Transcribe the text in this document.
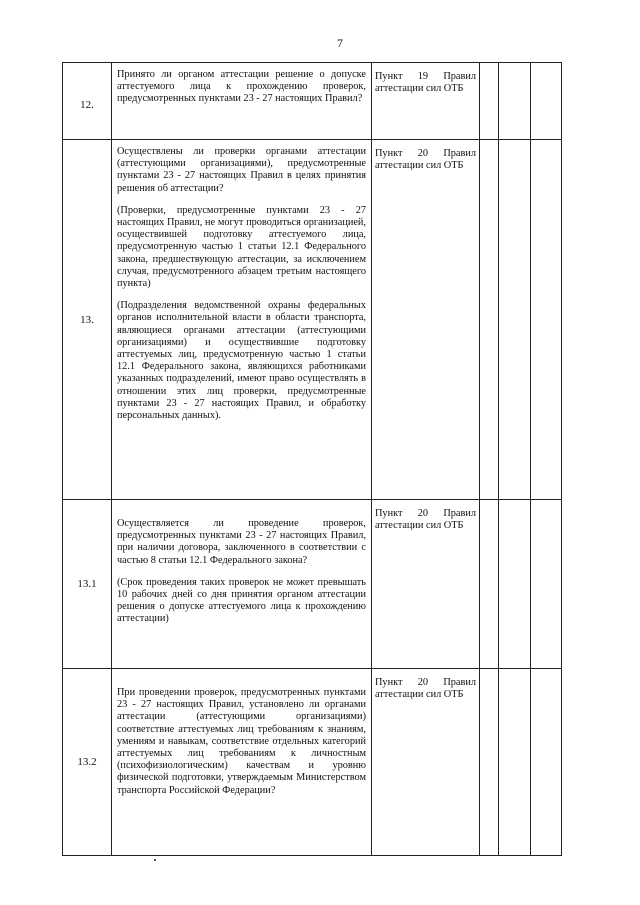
7
12.

Принято ли органом аттестации решение о допуске аттестуемого лица к прохождению проверок, предусмотренных пунктами 23 - 27 настоящих Правил?

Пункт 19 Правил аттестации сил ОТБ
13.

Осуществлены ли проверки органами аттестации (аттестующими организациями), предусмотренные пунктами 23 - 27 настоящих Правил в целях принятия решения об аттестации?

(Проверки, предусмотренные пунктами 23 - 27 настоящих Правил, не могут проводиться организацией, осуществившей подготовку аттестуемого лица, предусмотренную частью 1 статьи 12.1 Федерального закона, предшествующую аттестации, за исключением случая, предусмотренного абзацем третьим настоящего пункта)

(Подразделения ведомственной охраны федеральных органов исполнительной власти в области транспорта, являющиеся органами аттестации (аттестующими организациями) и осуществившие подготовку аттестуемых лиц, предусмотренную частью 1 статьи 12.1 Федерального закона, являющихся работниками указанных подразделений, имеют право осуществлять в отношении этих лиц проверки, предусмотренные пунктами 23 - 27 настоящих Правил, и обработку персональных данных).

Пункт 20 Правил аттестации сил ОТБ
13.1

Осуществляется ли проведение проверок, предусмотренных пунктами 23 - 27 настоящих Правил, при наличии договора, заключенного в соответствии с частью 8 статьи 12.1 Федерального закона?

(Срок проведения таких проверок не может превышать 10 рабочих дней со дня принятия органом аттестации решения о допуске аттестуемого лица к прохождению аттестации)

Пункт 20 Правил аттестации сил ОТБ
13.2

При проведении проверок, предусмотренных пунктами 23 - 27 настоящих Правил, установлено ли органами аттестации (аттестующими организациями) соответствие аттестуемых лиц требованиям к знаниям, умениям и навыкам, соответствие отдельных категорий аттестуемых лиц требованиям к личностным (психофизиологическим) качествам и уровню физической подготовки, утверждаемым Министерством транспорта Российской Федерации?

Пункт 20 Правил аттестации сил ОТБ
